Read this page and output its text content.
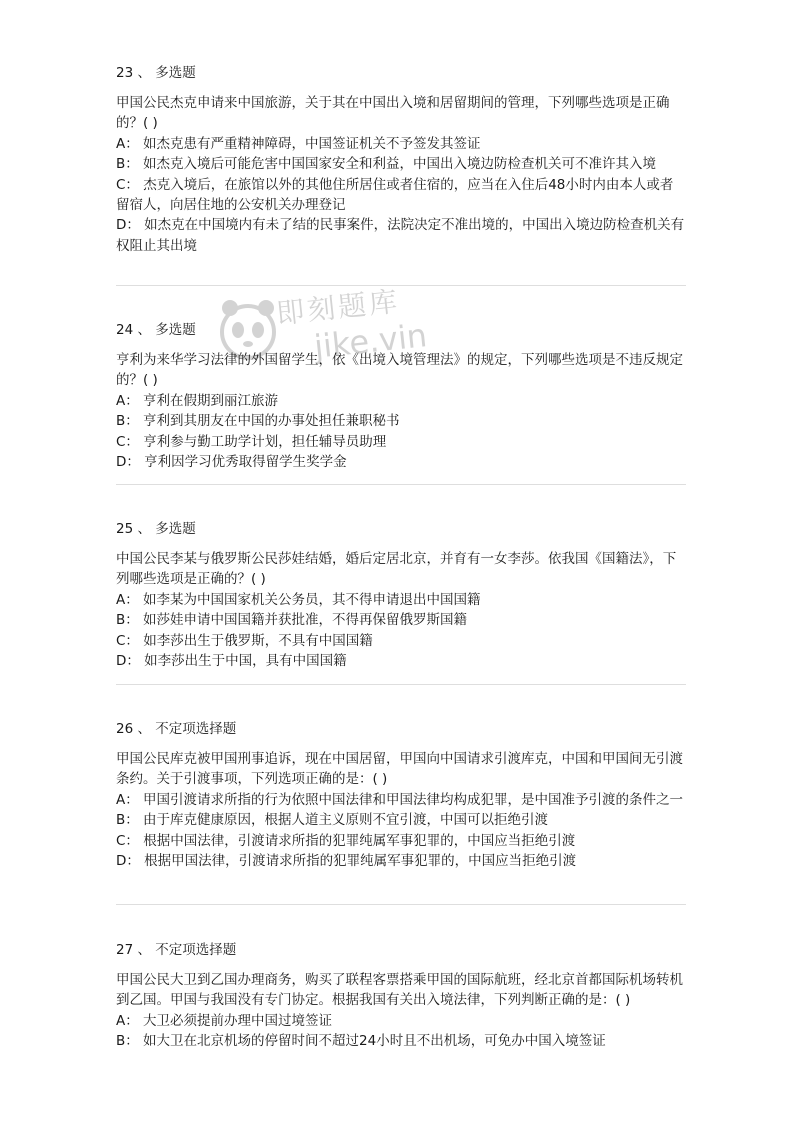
即刻题库
jike.vin
23 、 多选题

甲国公民杰克申请来中国旅游，关于其在中国出入境和居留期间的管理，下列哪些选项是正确的？( )

A： 如杰克患有严重精神障碍，中国签证机关不予签发其签证

B： 如杰克入境后可能危害中国国家安全和利益，中国出入境边防检查机关可不准许其入境

C： 杰克入境后，在旅馆以外的其他住所居住或者住宿的，应当在入住后48小时内由本人或者留宿人，向居住地的公安机关办理登记

D： 如杰克在中国境内有未了结的民事案件，法院决定不准出境的，中国出入境边防检查机关有权阻止其出境

24 、 多选题

亨利为来华学习法律的外国留学生，依《出境入境管理法》的规定，下列哪些选项是不违反规定的？( )

A： 亨利在假期到丽江旅游

B： 亨利到其朋友在中国的办事处担任兼职秘书

C： 亨利参与勤工助学计划，担任辅导员助理

D： 亨利因学习优秀取得留学生奖学金

25 、 多选题

中国公民李某与俄罗斯公民莎娃结婚，婚后定居北京，并育有一女李莎。依我国《国籍法》，下列哪些选项是正确的？( )

A： 如李某为中国国家机关公务员，其不得申请退出中国国籍

B： 如莎娃申请中国国籍并获批准，不得再保留俄罗斯国籍

C： 如李莎出生于俄罗斯，不具有中国国籍

D： 如李莎出生于中国，具有中国国籍

26 、 不定项选择题

甲国公民库克被甲国刑事追诉，现在中国居留，甲国向中国请求引渡库克，中国和甲国间无引渡条约。关于引渡事项，下列选项正确的是：( )

A： 甲国引渡请求所指的行为依照中国法律和甲国法律均构成犯罪，是中国准予引渡的条件之一

B： 由于库克健康原因，根据人道主义原则不宜引渡，中国可以拒绝引渡

C： 根据中国法律，引渡请求所指的犯罪纯属军事犯罪的，中国应当拒绝引渡

D： 根据甲国法律，引渡请求所指的犯罪纯属军事犯罪的，中国应当拒绝引渡

27 、 不定项选择题

甲国公民大卫到乙国办理商务，购买了联程客票搭乘甲国的国际航班，经北京首都国际机场转机到乙国。甲国与我国没有专门协定。根据我国有关出入境法律，下列判断正确的是：( )

A： 大卫必须提前办理中国过境签证

B： 如大卫在北京机场的停留时间不超过24小时且不出机场，可免办中国入境签证
